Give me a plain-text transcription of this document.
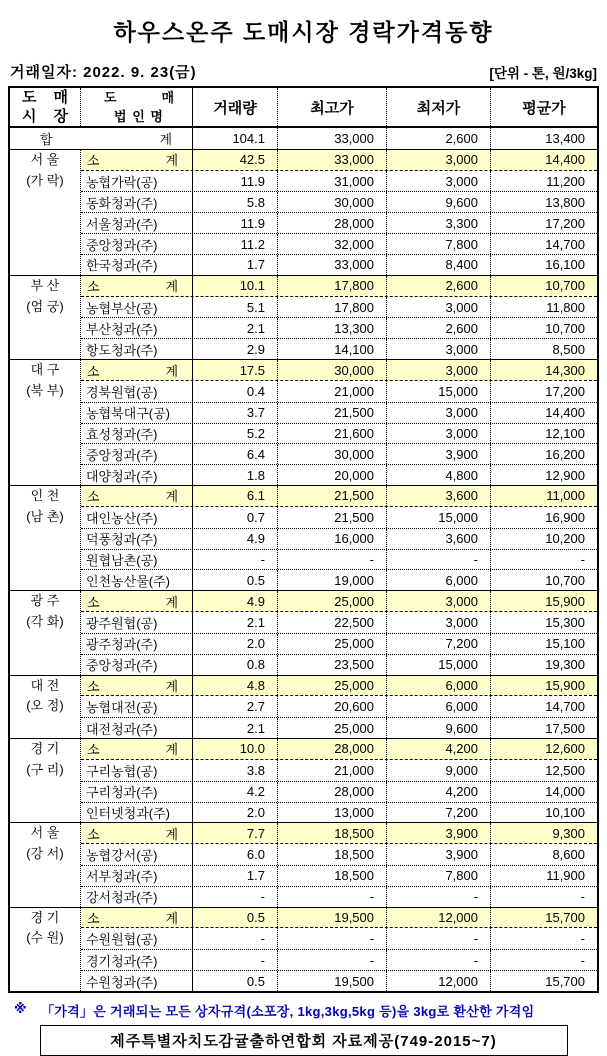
하우스온주 도매시장 경락가격동향
거래일자: 2022. 9. 23(금)	[단위 - 톤, 원/3kg]
도 매
시 장
도	매
법 인 명	거래량	최고가	최저가	평균가
합	계	104.1	33,000	2,600	13,400
서 울
(가 락)
소	계	42.5	33,000	3,000	14,400
농협가락(공)	11.9	31,000	3,000	11,200
동화청과(주)	5.8	30,000	9,600	13,800
서울청과(주)	11.9	28,000	3,300	17,200
중앙청과(주)	11.2	32,000	7,800	14,700
한국청과(주)	1.7	33,000	8,400	16,100
부 산
(엄 궁)
소	계	10.1	17,800	2,600	10,700
농협부산(공)	5.1	17,800	3,000	11,800
부산청과(주)	2.1	13,300	2,600	10,700
항도청과(주)	2.9	14,100	3,000	8,500
대 구
(북 부)
소	계	17.5	30,000	3,000	14,300
경북원협(공)	0.4	21,000	15,000	17,200
농협북대구(공)	3.7	21,500	3,000	14,400
효성청과(주)	5.2	21,600	3,000	12,100
중앙청과(주)	6.4	30,000	3,900	16,200
대양청과(주)	1.8	20,000	4,800	12,900
인 천
(남 촌)
소	계	6.1	21,500	3,600	11,000
대인농산(주)	0.7	21,500	15,000	16,900
덕풍청과(주)	4.9	16,000	3,600	10,200
원협남촌(공)	-	-	-	-
인천농산물(주)	0.5	19,000	6,000	10,700
광 주
(각 화)
소	계	4.9	25,000	3,000	15,900
광주원협(공)	2.1	22,500	3,000	15,300
광주청과(주)	2.0	25,000	7,200	15,100
중앙청과(주)	0.8	23,500	15,000	19,300
대 전
(오 정)
소	계	4.8	25,000	6,000	15,900
농협대전(공)	2.7	20,600	6,000	14,700
대전청과(주)	2.1	25,000	9,600	17,500
경 기
(구 리)
소	계	10.0	28,000	4,200	12,600
구리농협(공)	3.8	21,000	9,000	12,500
구리청과(주)	4.2	28,000	4,200	14,000
인터넷청과(주)	2.0	13,000	7,200	10,100
서 울
(강 서)
소	계	7.7	18,500	3,900	9,300
농협강서(공)	6.0	18,500	3,900	8,600
서부청과(주)	1.7	18,500	7,800	11,900
강서청과(주)	-	-	-	-
경 기
(수 원)
소	계	0.5	19,500	12,000	15,700
수원원협(공)	-	-	-	-
경기청과(주)	-	-	-	-
수원청과(주)	0.5	19,500	12,000	15,700
※ 「가격」은 거래되는 모든 상자규격(소포장, 1kg,3kg,5kg 등)을 3kg로 환산한 가격임
제주특별자치도감귤출하연합회 자료제공(749-2015~7)
